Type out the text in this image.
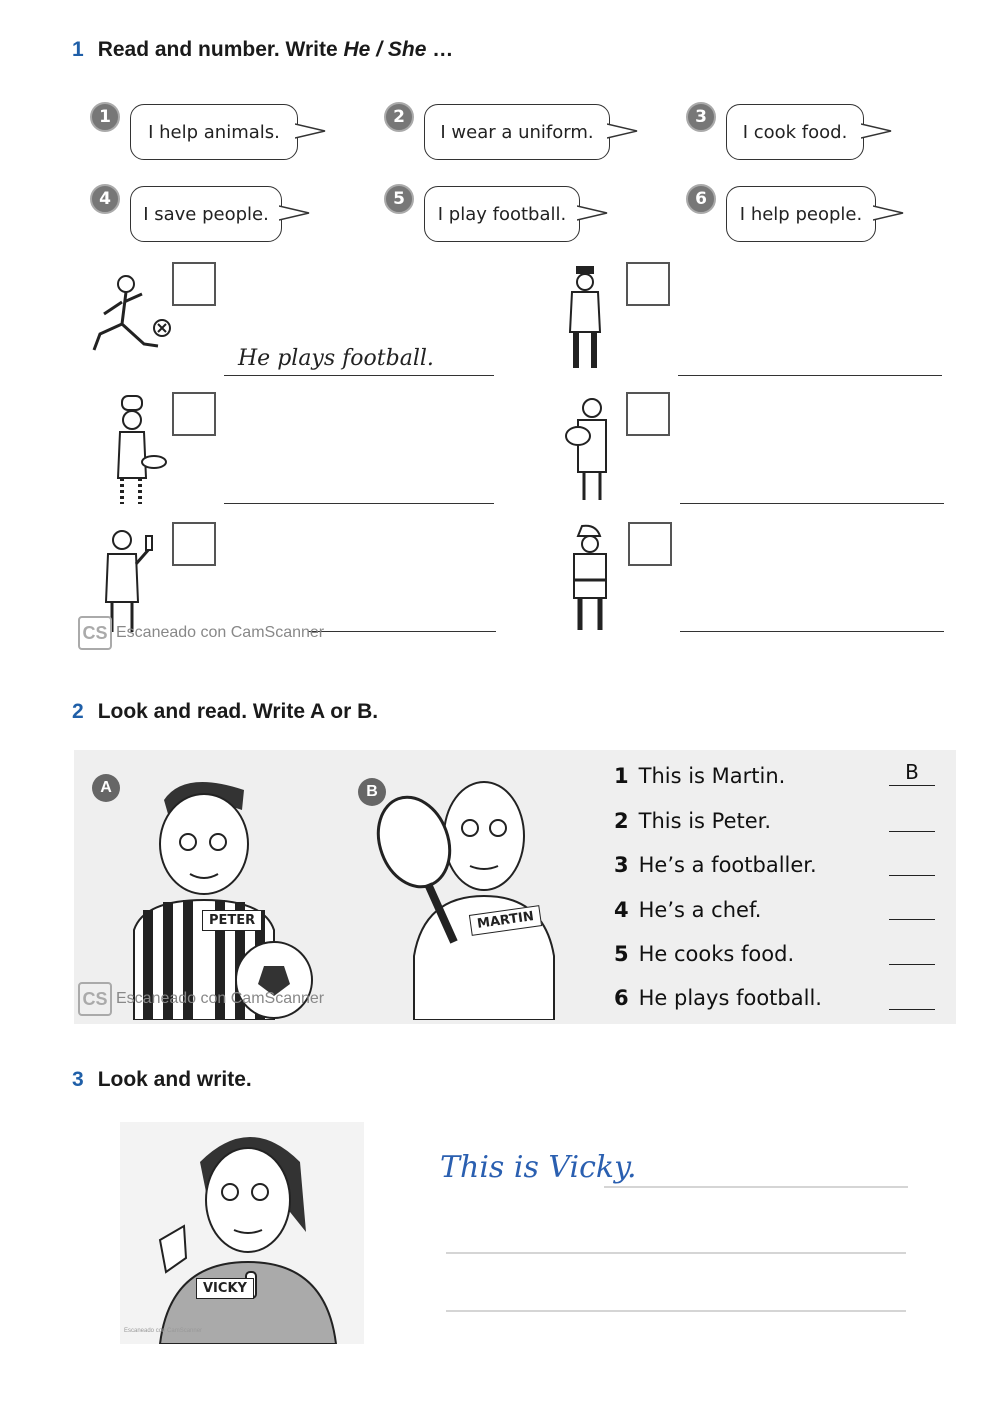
1 Read and number. Write He / She …
1
I help animals.
2
I wear a uniform.
3
I cook food.
4
I save people.
5
I play football.
6
I help people.
He plays football.
CS Escaneado con CamScanner
2 Look and read. Write A or B.
A
PETER
B
MARTIN
CS Escaneado con CamScanner
1 This is Martin.	B
2 This is Peter.
3 He’s a footballer.
4 He’s a chef.
5 He cooks food.
6 He plays football.
3 Look and write.
VICKY
Escaneado con CamScanner
This is Vicky.
